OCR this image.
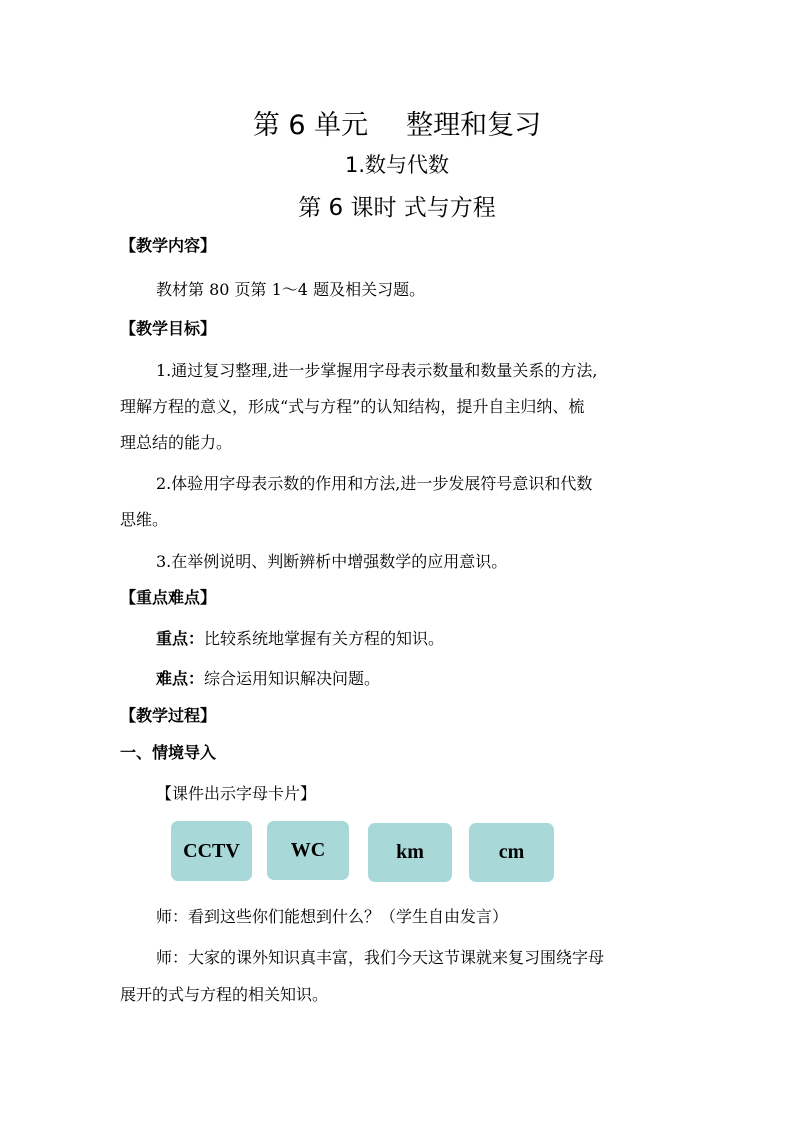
第 6 单元 整理和复习
1.数与代数
第 6 课时 式与方程
【教学内容】
教材第 80 页第 1～4 题及相关习题。
【教学目标】
1.通过复习整理,进一步掌握用字母表示数量和数量关系的方法,
理解方程的意义，形成“式与方程”的认知结构，提升自主归纳、梳
理总结的能力。
2.体验用字母表示数的作用和方法,进一步发展符号意识和代数
思维。
3.在举例说明、判断辨析中增强数学的应用意识。
【重点难点】
重点：比较系统地掌握有关方程的知识。
难点：综合运用知识解决问题。
【教学过程】
一、情境导入
【课件出示字母卡片】
CCTV	WC	km	cm
师：看到这些你们能想到什么？（学生自由发言）
师：大家的课外知识真丰富，我们今天这节课就来复习围绕字母
展开的式与方程的相关知识。
